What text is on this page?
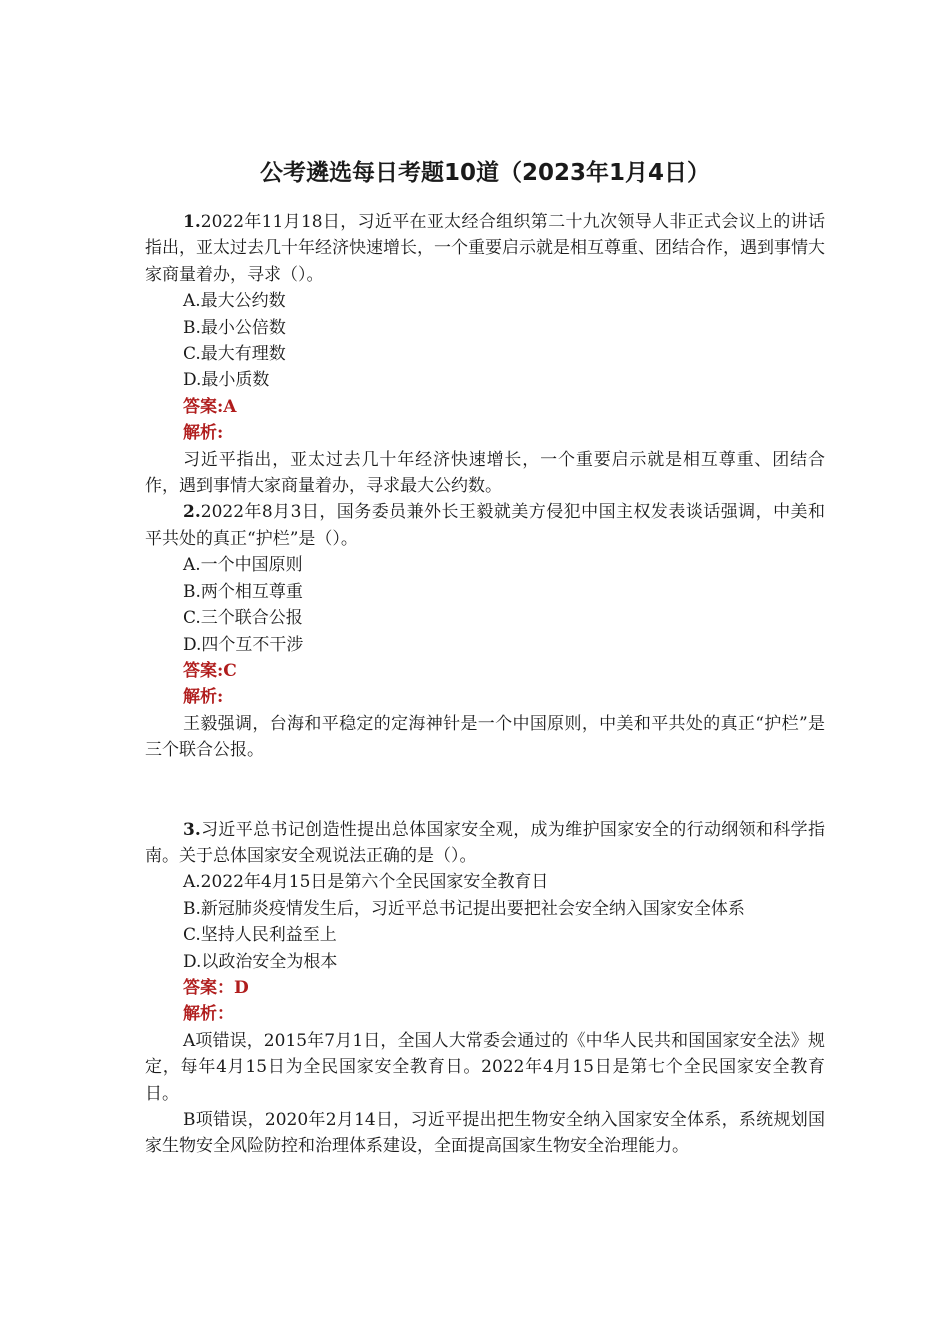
公考遴选每日考题10道（2023年1月4日）

1.2022年11月18日，习近平在亚太经合组织第二十九次领导人非正式会议上的讲话指出，亚太过去几十年经济快速增长，一个重要启示就是相互尊重、团结合作，遇到事情大家商量着办，寻求（）。

A.最大公约数

B.最小公倍数

C.最大有理数

D.最小质数

答案:A

解析:

习近平指出，亚太过去几十年经济快速增长，一个重要启示就是相互尊重、团结合作，遇到事情大家商量着办，寻求最大公约数。

2.2022年8月3日，国务委员兼外长王毅就美方侵犯中国主权发表谈话强调，中美和平共处的真正“护栏”是（）。

A.一个中国原则

B.两个相互尊重

C.三个联合公报

D.四个互不干涉

答案:C

解析:

王毅强调，台海和平稳定的定海神针是一个中国原则，中美和平共处的真正“护栏”是三个联合公报。

3.习近平总书记创造性提出总体国家安全观，成为维护国家安全的行动纲领和科学指南。关于总体国家安全观说法正确的是（）。

A.2022年4月15日是第六个全民国家安全教育日

B.新冠肺炎疫情发生后，习近平总书记提出要把社会安全纳入国家安全体系

C.坚持人民利益至上

D.以政治安全为根本

答案：D

解析：

A项错误，2015年7月1日，全国人大常委会通过的《中华人民共和国国家安全法》规定，每年4月15日为全民国家安全教育日。2022年4月15日是第七个全民国家安全教育日。

B项错误，2020年2月14日，习近平提出把生物安全纳入国家安全体系，系统规划国家生物安全风险防控和治理体系建设，全面提高国家生物安全治理能力。
